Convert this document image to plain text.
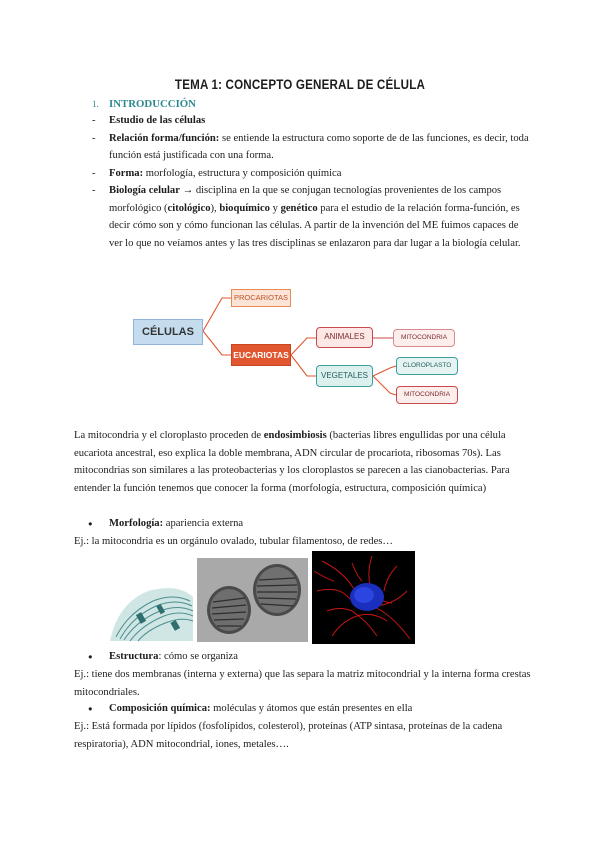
TEMA 1: CONCEPTO GENERAL DE CÉLULA
1. INTRODUCCIÓN
- Estudio de las células
- Relación forma/función: se entiende la estructura como soporte de de las funciones, es decir, toda función está justificada con una forma.
- Forma: morfología, estructura y composición química
- Biología celular → disciplina en la que se conjugan tecnologías provenientes de los campos morfológico (citológico), bioquímico y genético para el estudio de la relación forma-función, es decir cómo son y cómo funcionan las células. A partir de la invención del ME fuimos capaces de ver lo que no veíamos antes y las tres disciplinas se enlazaron para dar lugar a la biología celular.
CÉLULAS
PROCARIOTAS
EUCARIOTAS
ANIMALES
VEGETALES
MITOCONDRIA
CLOROPLASTO
MITOCONDRIA
La mitocondria y el cloroplasto proceden de endosimbiosis (bacterias libres engullidas por una célula eucariota ancestral, eso explica la doble membrana, ADN circular de procariota, ribosomas 70s). Las mitocondrias son similares a las proteobacterias y los cloroplastos se parecen a las cianobacterias. Para entender la función tenemos que conocer la forma (morfología, estructura, composición química)
● Morfología: apariencia externa
Ej.: la mitocondria es un orgánulo ovalado, tubular filamentoso, de redes…
● Estructura: cómo se organiza
Ej.: tiene dos membranas (interna y externa) que las separa la matriz mitocondrial y la interna forma crestas mitocondriales.
● Composición química: moléculas y átomos que están presentes en ella
Ej.: Está formada por lípidos (fosfolípidos, colesterol), proteínas (ATP sintasa, proteínas de la cadena respiratoria), ADN mitocondrial, iones, metales….
